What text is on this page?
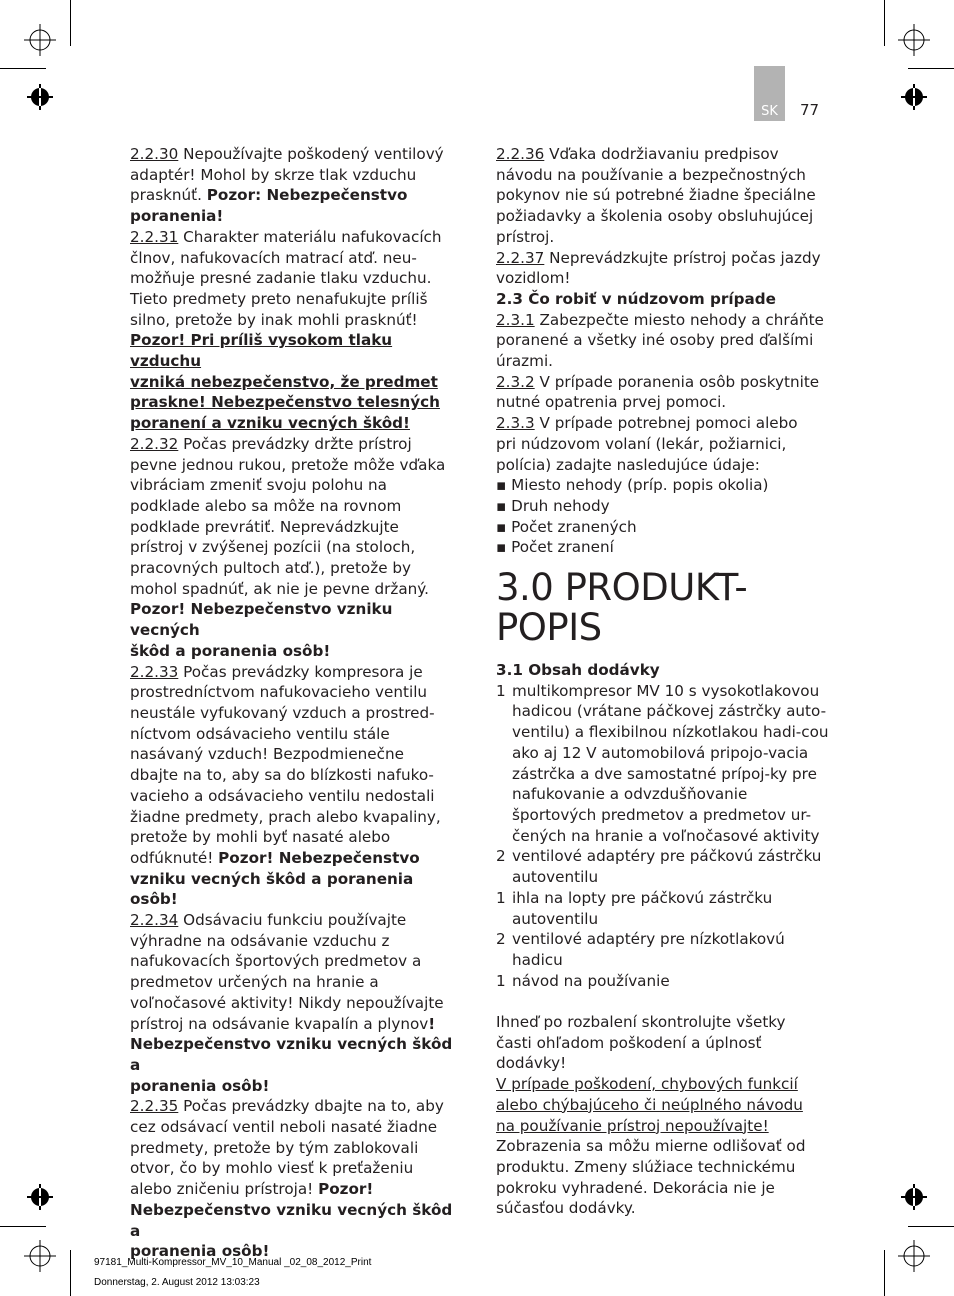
SK	77

2.2.30 Nepoužívajte poškodený ventilový
adaptér! Mohol by skrze tlak vzduchu
prasknúť. Pozor: Nebezpečenstvo
poranenia!

2.2.31 Charakter materiálu nafukovacích
člnov, nafukovacích matrací atď. neu-
možňuje presné zadanie tlaku vzduchu.
Tieto predmety preto nenafukujte príliš
silno, pretože by inak mohli prasknúť!
Pozor! Pri príliš vysokom tlaku vzduchu
vzniká nebezpečenstvo, že predmet
praskne! Nebezpečenstvo telesných
poranení a vzniku vecných škôd!

2.2.32 Počas prevádzky držte prístroj
pevne jednou rukou, pretože môže vďaka
vibráciam zmeniť svoju polohu na
podklade alebo sa môže na rovnom
podklade prevrátiť. Neprevádzkujte
prístroj v zvýšenej pozícii (na stoloch,
pracovných pultoch atď.), pretože by
mohol spadnúť, ak nie je pevne držaný.
Pozor! Nebezpečenstvo vzniku vecných
škôd a poranenia osôb!

2.2.33 Počas prevádzky kompresora je
prostredníctvom nafukovacieho ventilu
neustále vyfukovaný vzduch a prostred-
níctvom odsávacieho ventilu stále
nasávaný vzduch! Bezpodmienečne
dbajte na to, aby sa do blízkosti nafuko-
vacieho a odsávacieho ventilu nedostali
žiadne predmety, prach alebo kvapaliny,
pretože by mohli byť nasaté alebo
odfúknuté! Pozor! Nebezpečenstvo
vzniku vecných škôd a poranenia osôb!

2.2.34 Odsávaciu funkciu používajte
výhradne na odsávanie vzduchu z
nafukovacích športových predmetov a
predmetov určených na hranie a
voľnočasové aktivity! Nikdy nepoužívajte
prístroj na odsávanie kvapalín a plynov!
Nebezpečenstvo vzniku vecných škôd a
poranenia osôb!

2.2.35 Počas prevádzky dbajte na to, aby
cez odsávací ventil neboli nasaté žiadne
predmety, pretože by tým zablokovali
otvor, čo by mohlo viesť k preťaženiu
alebo zničeniu prístroja! Pozor!
Nebezpečenstvo vzniku vecných škôd a
poranenia osôb!

2.2.36 Vďaka dodržiavaniu predpisov
návodu na používanie a bezpečnostných
pokynov nie sú potrebné žiadne špeciálne
požiadavky a školenia osoby obsluhujúcej
prístroj.

2.2.37 Neprevádzkujte prístroj počas jazdy
vozidlom!

2.3 Čo robiť v núdzovom prípade

2.3.1 Zabezpečte miesto nehody a chráňte
poranené a všetky iné osoby pred ďalšími
úrazmi.

2.3.2 V prípade poranenia osôb poskytnite
nutné opatrenia prvej pomoci.

2.3.3 V prípade potrebnej pomoci alebo
pri núdzovom volaní (lekár, požiarnici,
polícia) zadajte nasledujúce údaje:
▪ Miesto nehody (príp. popis okolia)
▪ Druh nehody
▪ Počet zranených
▪ Počet zranení

3.0 PRODUKT-POPIS

3.1 Obsah dodávky

1 multikompresor MV 10 s vysokotlakovou hadicou (vrátane páčkovej zástrčky auto-ventilu) a flexibilnou nízkotlakou hadi-cou ako aj 12 V automobilová pripojo-vacia zástrčka a dve samostatné prípoj-ky pre nafukovanie a odvzdušňovanie športových predmetov a predmetov ur-čených na hranie a voľnočasové aktivity
2 ventilové adaptéry pre páčkovú zástrčku autoventilu
1 ihla na lopty pre páčkovú zástrčku autoventilu
2 ventilové adaptéry pre nízkotlakovú hadicu
1 návod na používanie

Ihneď po rozbalení skontrolujte všetky
časti ohľadom poškodení a úplnosť
dodávky!
V prípade poškodení, chybových funkcií
alebo chýbajúceho či neúplného návodu
na používanie prístroj nepoužívajte!
Zobrazenia sa môžu mierne odlišovať od
produktu. Zmeny slúžiace technickému
pokroku vyhradené. Dekorácia nie je
súčasťou dodávky.

97181_Multi-Kompressor_MV_10_Manual _02_08_2012_Print
Donnerstag, 2. August 2012 13:03:23
